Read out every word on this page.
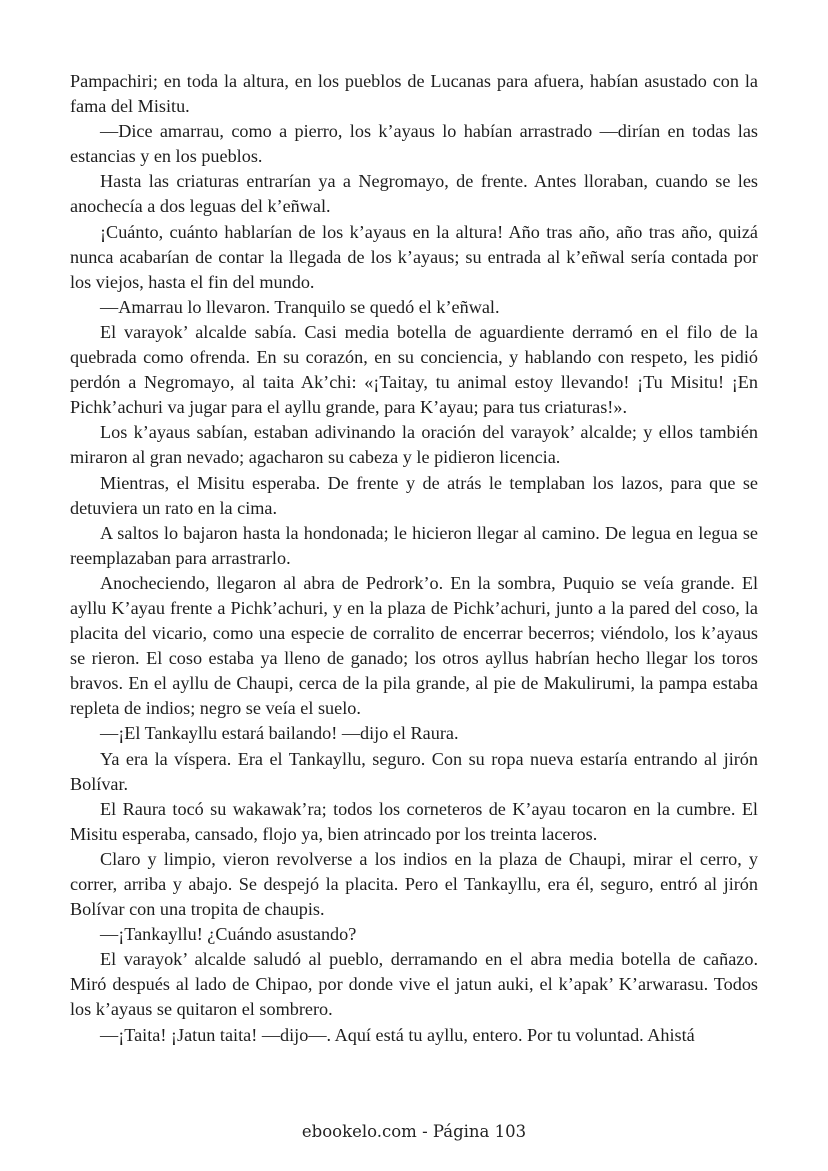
Pampachiri; en toda la altura, en los pueblos de Lucanas para afuera, habían asustado con la fama del Misitu.

—Dice amarrau, como a pierro, los k’ayaus lo habían arrastrado —dirían en todas las estancias y en los pueblos.

Hasta las criaturas entrarían ya a Negromayo, de frente. Antes lloraban, cuando se les anochecía a dos leguas del k’eñwal.

¡Cuánto, cuánto hablarían de los k’ayaus en la altura! Año tras año, año tras año, quizá nunca acabarían de contar la llegada de los k’ayaus; su entrada al k’eñwal sería contada por los viejos, hasta el fin del mundo.

—Amarrau lo llevaron. Tranquilo se quedó el k’eñwal.

El varayok’ alcalde sabía. Casi media botella de aguardiente derramó en el filo de la quebrada como ofrenda. En su corazón, en su conciencia, y hablando con respeto, les pidió perdón a Negromayo, al taita Ak’chi: «¡Taitay, tu animal estoy llevando! ¡Tu Misitu! ¡En Pichk’achuri va jugar para el ayllu grande, para K’ayau; para tus criaturas!».

Los k’ayaus sabían, estaban adivinando la oración del varayok’ alcalde; y ellos también miraron al gran nevado; agacharon su cabeza y le pidieron licencia.

Mientras, el Misitu esperaba. De frente y de atrás le templaban los lazos, para que se detuviera un rato en la cima.

A saltos lo bajaron hasta la hondonada; le hicieron llegar al camino. De legua en legua se reemplazaban para arrastrarlo.

Anocheciendo, llegaron al abra de Pedrork’o. En la sombra, Puquio se veía grande. El ayllu K’ayau frente a Pichk’achuri, y en la plaza de Pichk’achuri, junto a la pared del coso, la placita del vicario, como una especie de corralito de encerrar becerros; viéndolo, los k’ayaus se rieron. El coso estaba ya lleno de ganado; los otros ayllus habrían hecho llegar los toros bravos. En el ayllu de Chaupi, cerca de la pila grande, al pie de Makulirumi, la pampa estaba repleta de indios; negro se veía el suelo.

—¡El Tankayllu estará bailando! —dijo el Raura.

Ya era la víspera. Era el Tankayllu, seguro. Con su ropa nueva estaría entrando al jirón Bolívar.

El Raura tocó su wakawak’ra; todos los corneteros de K’ayau tocaron en la cumbre. El Misitu esperaba, cansado, flojo ya, bien atrincado por los treinta laceros.

Claro y limpio, vieron revolverse a los indios en la plaza de Chaupi, mirar el cerro, y correr, arriba y abajo. Se despejó la placita. Pero el Tankayllu, era él, seguro, entró al jirón Bolívar con una tropita de chaupis.

—¡Tankayllu! ¿Cuándo asustando?

El varayok’ alcalde saludó al pueblo, derramando en el abra media botella de cañazo. Miró después al lado de Chipao, por donde vive el jatun auki, el k’apak’ K’arwarasu. Todos los k’ayaus se quitaron el sombrero.

—¡Taita! ¡Jatun taita! —dijo—. Aquí está tu ayllu, entero. Por tu voluntad. Ahistá

ebookelo.com - Página 103
